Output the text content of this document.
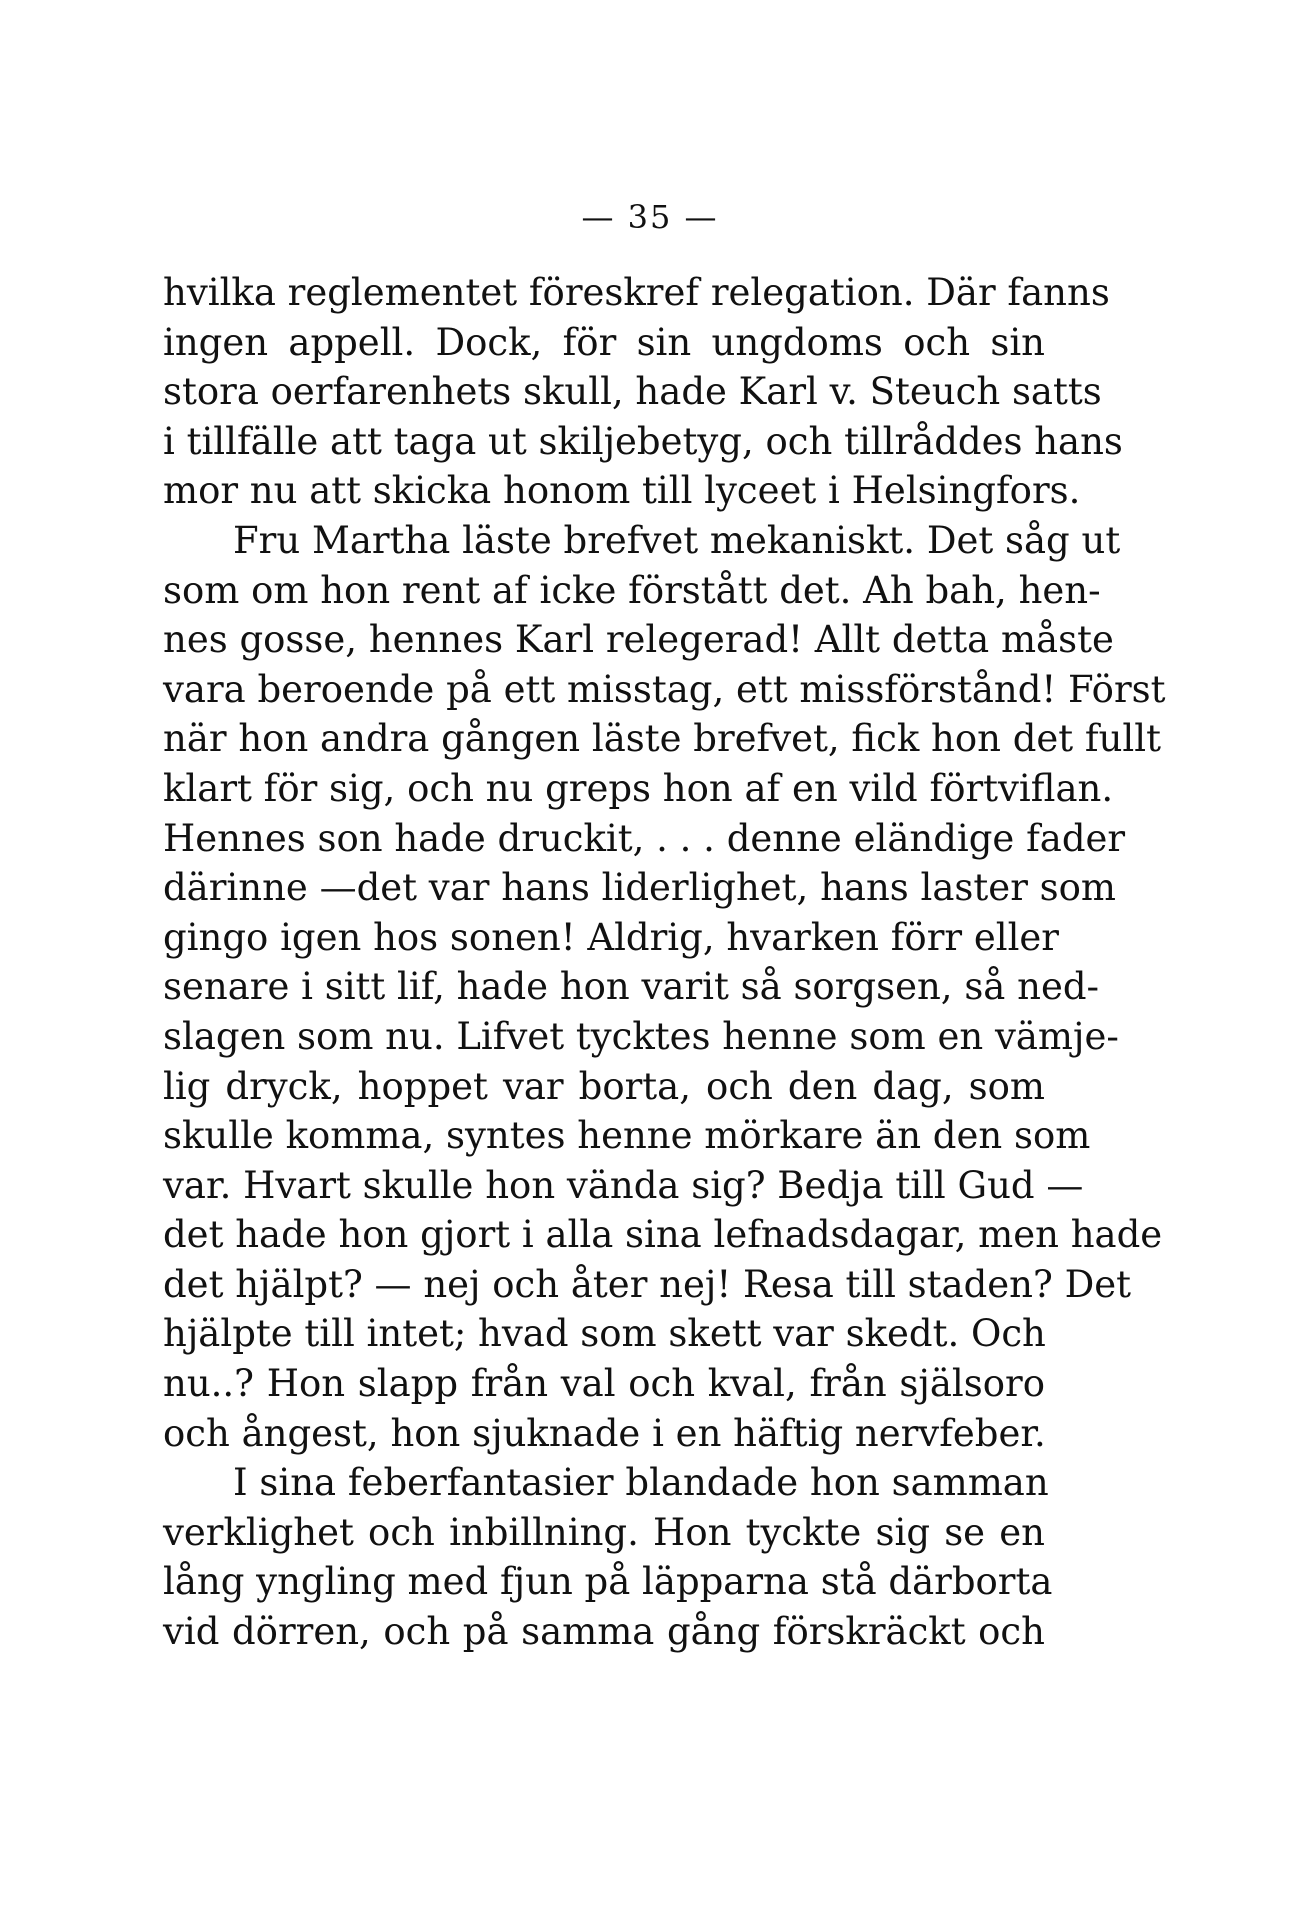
— 35 —
hvilka reglementet föreskref relegation. Där fanns
ingen appell. Dock, för sin ungdoms och sin
stora oerfarenhets skull, hade Karl v. Steuch satts
i tillfälle att taga ut skiljebetyg, och tillråddes hans
mor nu att skicka honom till lyceet i Helsingfors.
Fru Martha läste brefvet mekaniskt. Det såg ut
som om hon rent af icke förstått det. Ah bah, hen-
nes gosse, hennes Karl relegerad! Allt detta måste
vara beroende på ett misstag, ett missförstånd! Först
när hon andra gången läste brefvet, fick hon det fullt
klart för sig, och nu greps hon af en vild förtviflan.
Hennes son hade druckit, . . . denne eländige fader
därinne —det var hans liderlighet, hans laster som
gingo igen hos sonen! Aldrig, hvarken förr eller
senare i sitt lif, hade hon varit så sorgsen, så ned-
slagen som nu. Lifvet tycktes henne som en vämje-
lig dryck, hoppet var borta, och den dag, som
skulle komma, syntes henne mörkare än den som
var. Hvart skulle hon vända sig? Bedja till Gud —
det hade hon gjort i alla sina lefnadsdagar, men hade
det hjälpt? — nej och åter nej! Resa till staden? Det
hjälpte till intet; hvad som skett var skedt. Och
nu..? Hon slapp från val och kval, från själsoro
och ångest, hon sjuknade i en häftig nervfeber.
I sina feberfantasier blandade hon samman
verklighet och inbillning. Hon tyckte sig se en
lång yngling med fjun på läpparna stå därborta
vid dörren, och på samma gång förskräckt och
